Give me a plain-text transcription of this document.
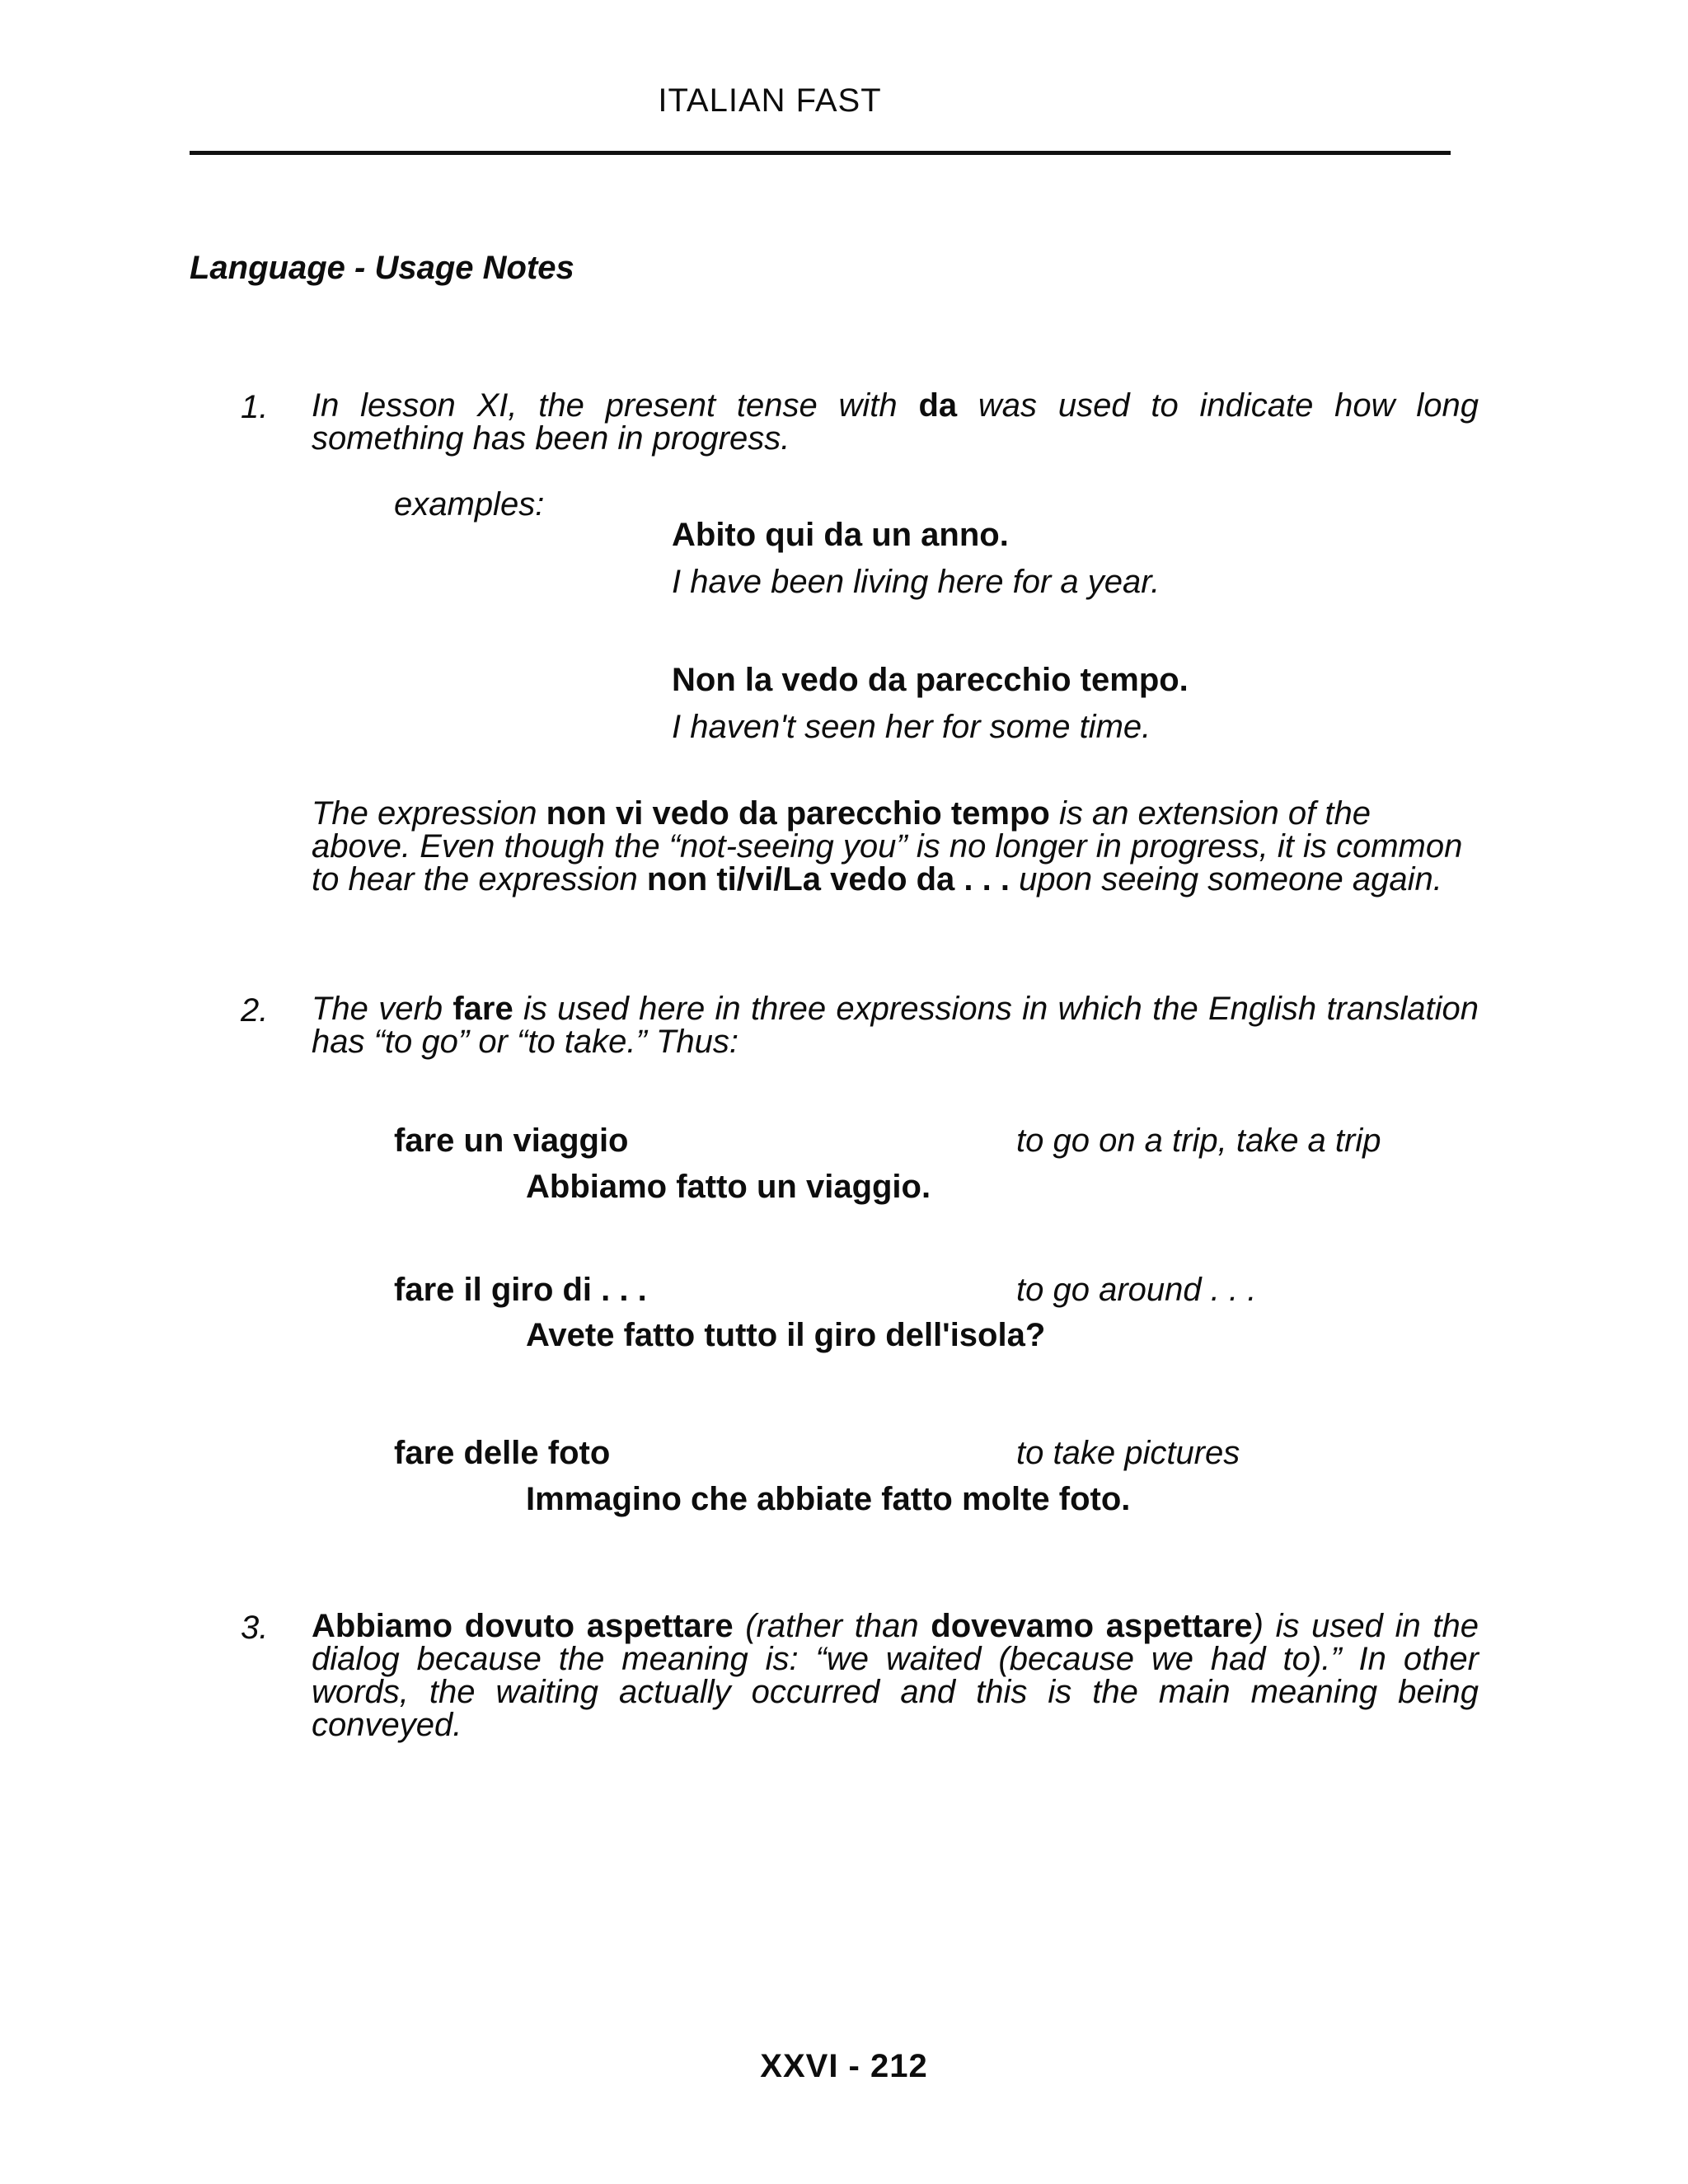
ITALIAN FAST
Language - Usage Notes
1. In lesson XI, the present tense with da was used to indicate how long something has been in progress.
examples:
Abito qui da un anno.
I have been living here for a year.
Non la vedo da parecchio tempo.
I haven't seen her for some time.
The expression non vi vedo da parecchio tempo is an extension of the above. Even though the “not-seeing you” is no longer in progress, it is common to hear the expression non ti/vi/La vedo da . . . upon seeing someone again.
2. The verb fare is used here in three expressions in which the English translation has “to go” or “to take.” Thus:
fare un viaggio	to go on a trip, take a trip
Abbiamo fatto un viaggio.
fare il giro di . . .	to go around . . .
Avete fatto tutto il giro dell'isola?
fare delle foto	to take pictures
Immagino che abbiate fatto molte foto.
3. Abbiamo dovuto aspettare (rather than dovevamo aspettare) is used in the dialog because the meaning is: “we waited (because we had to).” In other words, the waiting actually occurred and this is the main meaning being conveyed.
XXVI - 212
